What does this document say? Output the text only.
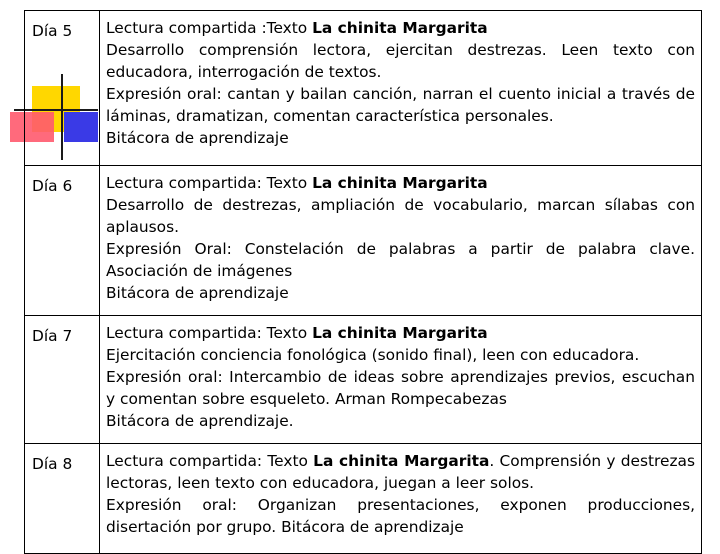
Día 5	Lectura compartida :Texto La chinita Margarita
Desarrollo comprensión lectora, ejercitan destrezas. Leen texto con educadora, interrogación de textos.
Expresión oral: cantan y bailan canción, narran el cuento inicial a través de láminas, dramatizan, comentan característica personales.
Bitácora de aprendizaje

Día 6	Lectura compartida: Texto La chinita Margarita
Desarrollo de destrezas, ampliación de vocabulario, marcan sílabas con aplausos.
Expresión Oral: Constelación de palabras a partir de palabra clave. Asociación de imágenes
Bitácora de aprendizaje

Día 7	Lectura compartida: Texto La chinita Margarita
Ejercitación conciencia fonológica (sonido final), leen con educadora.
Expresión oral: Intercambio de ideas sobre aprendizajes previos, escuchan y comentan sobre esqueleto. Arman Rompecabezas
Bitácora de aprendizaje.

Día 8	Lectura compartida: Texto La chinita Margarita. Comprensión y destrezas lectoras, leen texto con educadora, juegan a leer solos.
Expresión oral: Organizan presentaciones, exponen producciones, disertación por grupo. Bitácora de aprendizaje
